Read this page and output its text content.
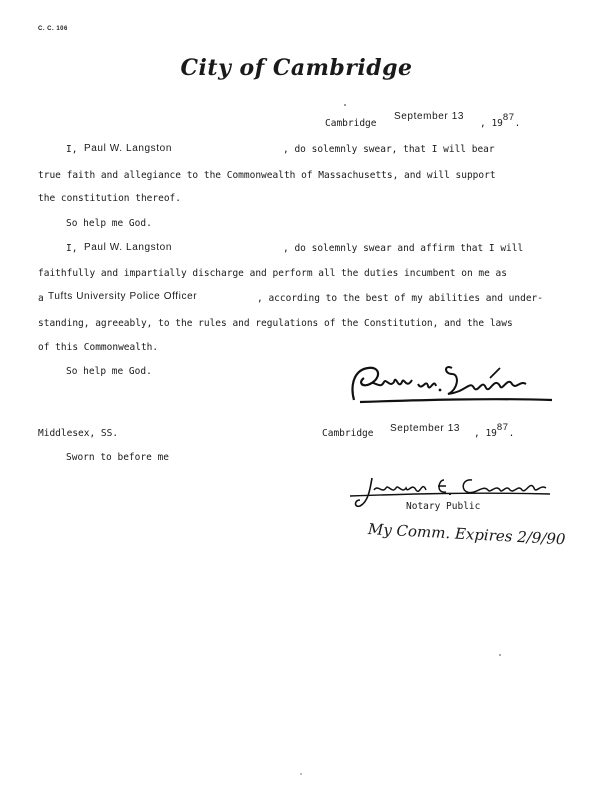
C. C. 106
City of Cambridge
Cambridge
September 13
, 1987.
I, Paul W. Langston	, do solemnly swear, that I will bear
true faith and allegiance to the Commonwealth of Massachusetts, and will support
the constitution thereof.
So help me God.
I, Paul W. Langston	, do solemnly swear and affirm that I will
faithfully and impartially discharge and perform all the duties incumbent on me as
a Tufts University Police Officer	, according to the best of my abilities and under-
standing, agreeably, to the rules and regulations of the Constitution, and the laws
of this Commonwealth.
So help me God.
Middlesex, SS.	Cambridge September 13 , 1987.
Sworn to before me
Notary Public
My Comm. Expires 2/9/90
